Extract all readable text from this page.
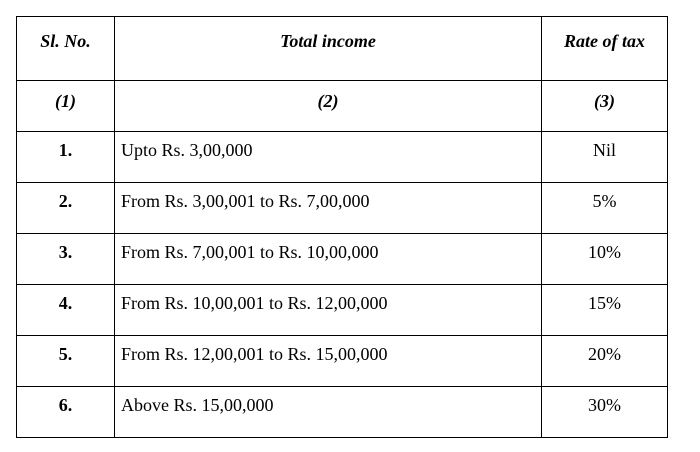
Sl. No.	Total income	Rate of tax
(1)	(2)	(3)
1.	Upto Rs. 3,00,000	Nil
2.	From Rs. 3,00,001 to Rs. 7,00,000	5%
3.	From Rs. 7,00,001 to Rs. 10,00,000	10%
4.	From Rs. 10,00,001 to Rs. 12,00,000	15%
5.	From Rs. 12,00,001 to Rs. 15,00,000	20%
6.	Above Rs. 15,00,000	30%
